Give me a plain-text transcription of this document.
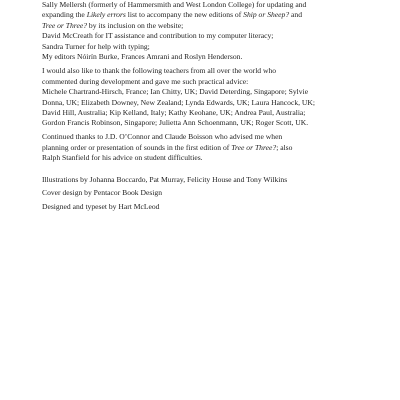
Sally Mellersh (formerly of Hammersmith and West London College) for updating and
expanding the Likely errors list to accompany the new editions of Ship or Sheep? and
Tree or Three? by its inclusion on the website;
David McCreath for IT assistance and contribution to my computer literacy;
Sandra Turner for help with typing;
My editors Nóirín Burke, Frances Amrani and Roslyn Henderson.

I would also like to thank the following teachers from all over the world who
commented during development and gave me such practical advice:
Michele Chartrand-Hirsch, France; Ian Chitty, UK; David Deterding, Singapore; Sylvie
Donna, UK; Elizabeth Downey, New Zealand; Lynda Edwards, UK; Laura Hancock, UK;
David Hill, Australia; Kip Kelland, Italy; Kathy Keohane, UK; Andrea Paul, Australia;
Gordon Francis Robinson, Singapore; Julietta Ann Schoenmann, UK; Roger Scott, UK.

Continued thanks to J.D. O’Connor and Claude Boisson who advised me when
planning order or presentation of sounds in the first edition of Tree or Three?; also
Ralph Stanfield for his advice on student difficulties.

Illustrations by Johanna Boccardo, Pat Murray, Felicity House and Tony Wilkins
Cover design by Pentacor Book Design
Designed and typeset by Hart McLeod
